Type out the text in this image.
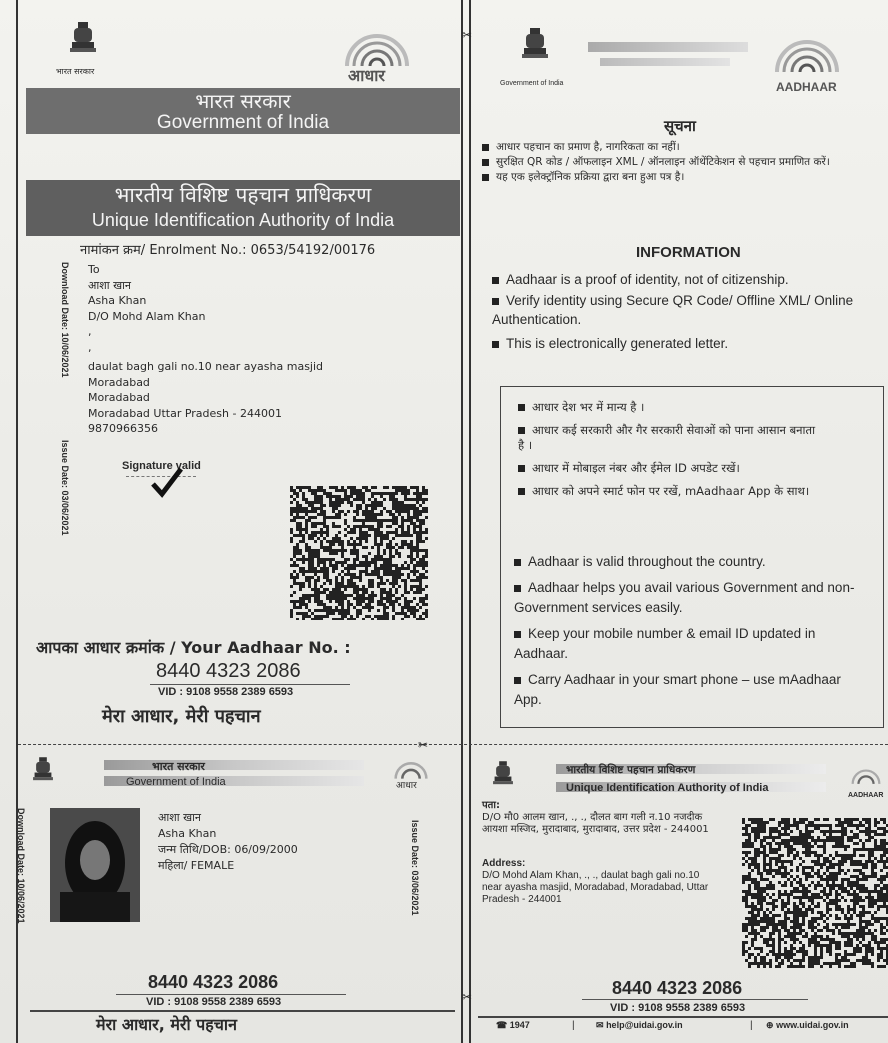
✂
✂
भारत सरकार	आधार
भारत सरकार
Government of India
भारतीय विशिष्ट पहचान प्राधिकरण
Unique Identification Authority of India
नामांकन क्रम/ Enrolment No.: 0653/54192/00176
Download Date: 10/06/2021
Issue Date: 03/06/2021
To
आशा खान
Asha Khan
D/O Mohd Alam Khan
,
,
daulat bagh gali no.10 near ayasha masjid
Moradabad
Moradabad
Moradabad Uttar Pradesh - 244001
9870966356
Signature valid
आपका आधार क्रमांक / Your Aadhaar No. :
8440 4323 2086
VID : 9108 9558 2389 6593
मेरा आधार, मेरी पहचान
✂
Government of India	AADHAAR
सूचना
आधार पहचान का प्रमाण है, नागरिकता का नहीं।
सुरक्षित QR कोड / ऑफलाइन XML / ऑनलाइन ऑथेंटिकेशन से पहचान प्रमाणित करें।
यह एक इलेक्ट्रॉनिक प्रक्रिया द्वारा बना हुआ पत्र है।
INFORMATION
Aadhaar is a proof of identity, not of citizenship.
Verify identity using Secure QR Code/ Offline XML/ Online Authentication.
This is electronically generated letter.
आधार देश भर में मान्य है ।
आधार कई सरकारी और गैर सरकारी सेवाओं को पाना आसान बनाता है ।
आधार में मोबाइल नंबर और ईमेल ID अपडेट रखें।
आधार को अपने स्मार्ट फोन पर रखें, mAadhaar App के साथ।
Aadhaar is valid throughout the country.
Aadhaar helps you avail various Government and non-Government services easily.
Keep your mobile number & email ID updated in Aadhaar.
Carry Aadhaar in your smart phone – use mAadhaar App.
भारत सरकार
Government of India	आधार
Download Date: 10/06/2021	Issue Date: 03/06/2021
आशा खान
Asha Khan
जन्म तिथि/DOB: 06/09/2000
महिला/ FEMALE
8440 4323 2086
VID : 9108 9558 2389 6593
मेरा आधार, मेरी पहचान
भारतीय विशिष्ट पहचान प्राधिकरण
Unique Identification Authority of India
AADHAAR
पता:
D/O मौ0 आलम खान, ., ., दौलत बाग गली न.10 नजदीक आयशा मस्जिद, मुरादाबाद, मुरादाबाद, उत्तर प्रदेश - 244001
Address:
D/O Mohd Alam Khan, ., ., daulat bagh gali no.10 near ayasha masjid, Moradabad, Moradabad, Uttar Pradesh - 244001
8440 4323 2086
VID : 9108 9558 2389 6593
☎ 1947	| ✉ help@uidai.gov.in	| ⊕ www.uidai.gov.in
